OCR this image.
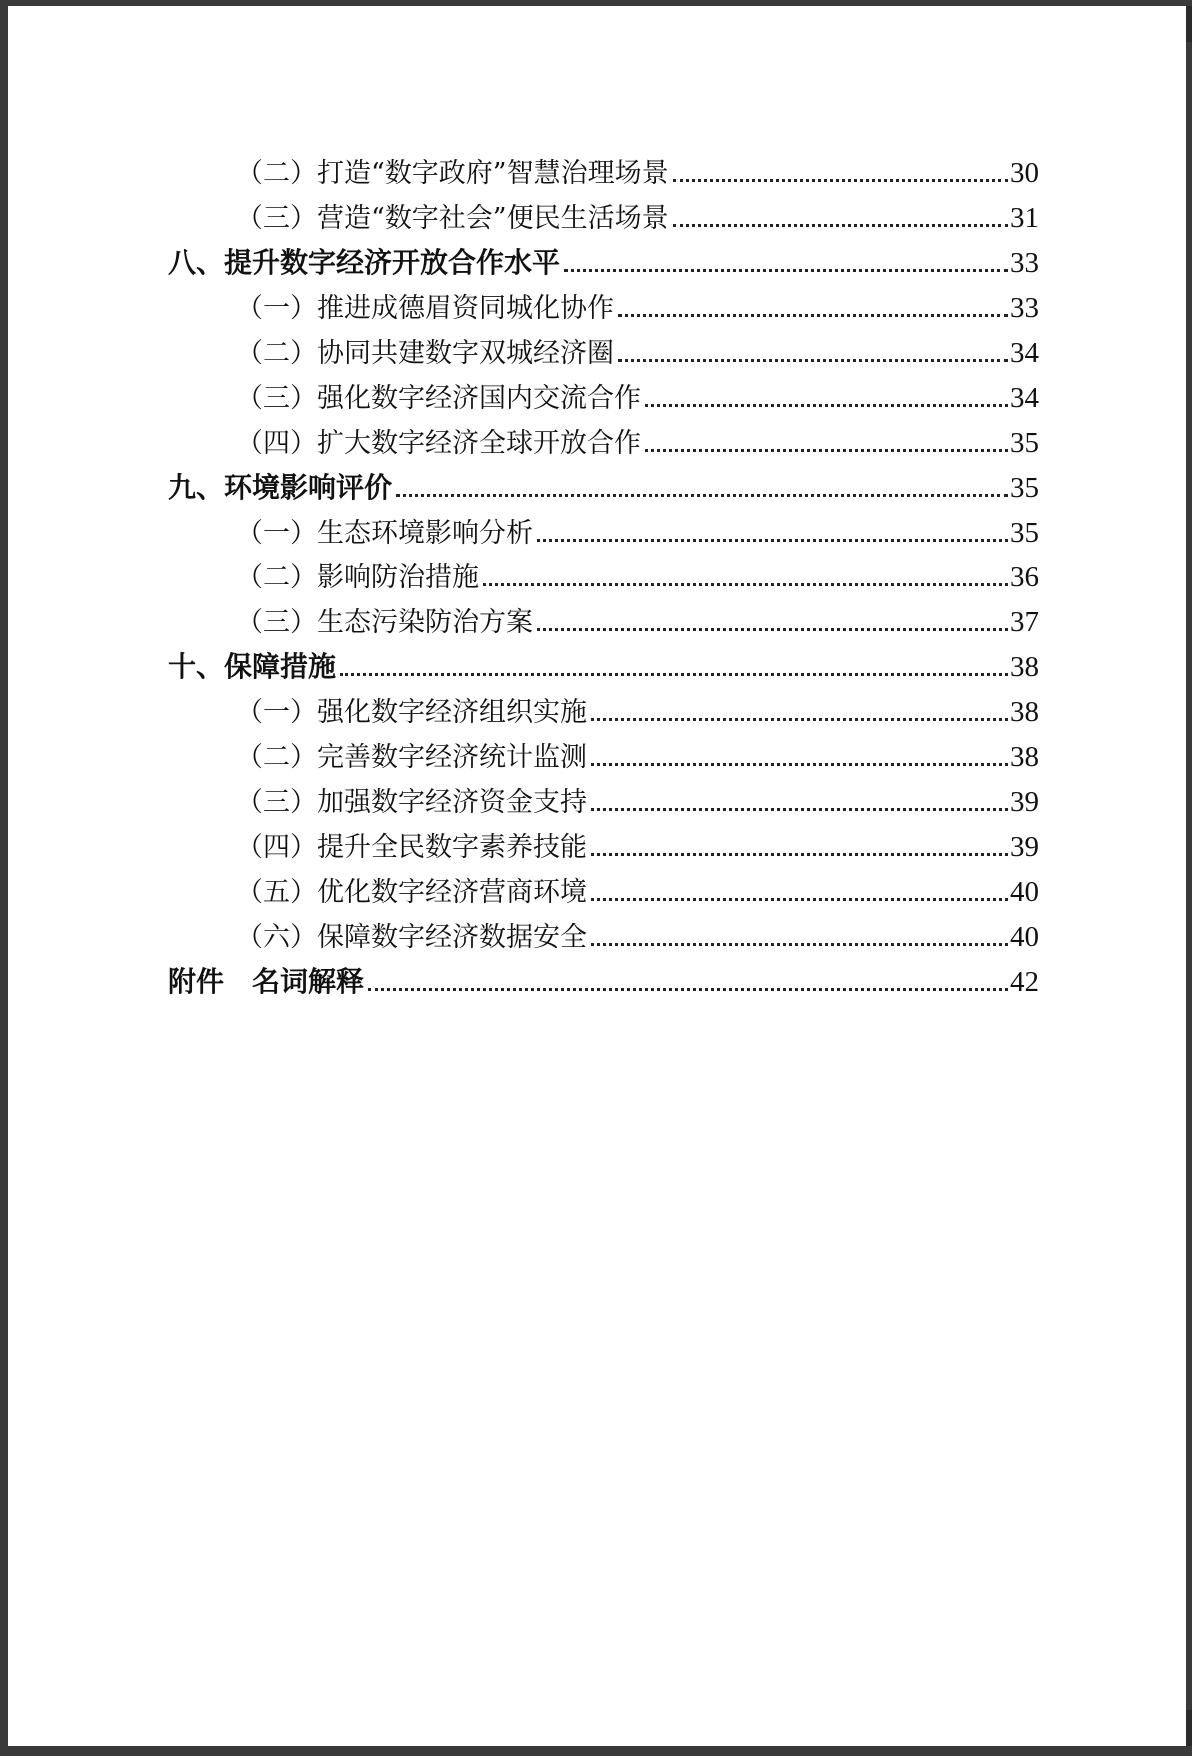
（二）打造“数字政府”智慧治理场景	30
（三）营造“数字社会”便民生活场景	31
八、提升数字经济开放合作水平	33
（一）推进成德眉资同城化协作	33
（二）协同共建数字双城经济圈	34
（三）强化数字经济国内交流合作	34
（四）扩大数字经济全球开放合作	35
九、环境影响评价	35
（一）生态环境影响分析	35
（二）影响防治措施	36
（三）生态污染防治方案	37
十、保障措施	38
（一）强化数字经济组织实施	38
（二）完善数字经济统计监测	38
（三）加强数字经济资金支持	39
（四）提升全民数字素养技能	39
（五）优化数字经济营商环境	40
（六）保障数字经济数据安全	40
附件　名词解释	42
